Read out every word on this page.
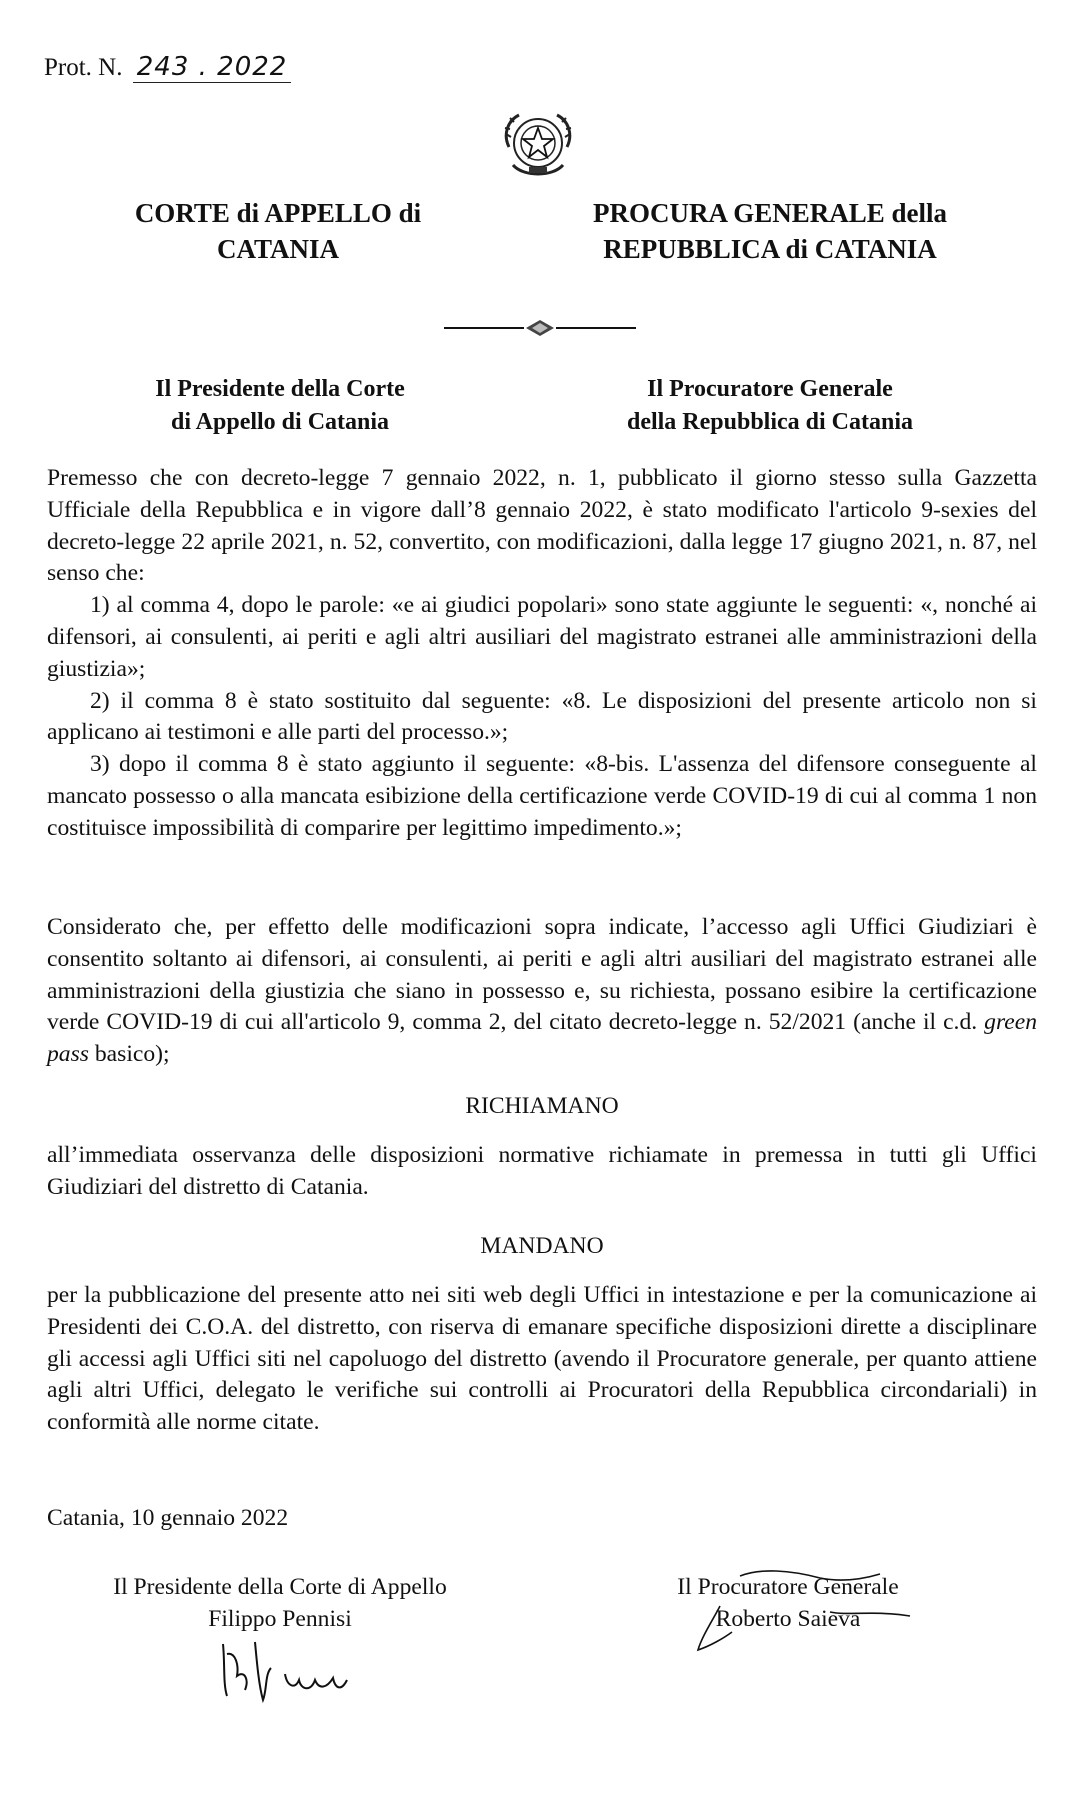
Prot. N. 243 . 2022
CORTE di APPELLO di
CATANIA
PROCURA GENERALE della
REPUBBLICA di CATANIA
Il Presidente della Corte
di Appello di Catania
Il Procuratore Generale
della Repubblica di Catania

Premesso che con decreto-legge 7 gennaio 2022, n. 1, pubblicato il giorno stesso sulla Gazzetta Ufficiale della Repubblica e in vigore dall’8 gennaio 2022, è stato modificato l'articolo 9-sexies del decreto-legge 22 aprile 2021, n. 52, convertito, con modificazioni, dalla legge 17 giugno 2021, n. 87, nel senso che:

1) al comma 4, dopo le parole: «e ai giudici popolari» sono state aggiunte le seguenti: «, nonché ai difensori, ai consulenti, ai periti e agli altri ausiliari del magistrato estranei alle amministrazioni della giustizia»;

2) il comma 8 è stato sostituito dal seguente: «8. Le disposizioni del presente articolo non si applicano ai testimoni e alle parti del processo.»;

3) dopo il comma 8 è stato aggiunto il seguente: «8-bis. L'assenza del difensore conseguente al mancato possesso o alla mancata esibizione della certificazione verde COVID-19 di cui al comma 1 non costituisce impossibilità di comparire per legittimo impedimento.»;

Considerato che, per effetto delle modificazioni sopra indicate, l’accesso agli Uffici Giudiziari è consentito soltanto ai difensori, ai consulenti, ai periti e agli altri ausiliari del magistrato estranei alle amministrazioni della giustizia che siano in possesso e, su richiesta, possano esibire la certificazione verde COVID-19 di cui all'articolo 9, comma 2, del citato decreto-legge n. 52/2021 (anche il c.d. green pass basico);

RICHIAMANO

all’immediata osservanza delle disposizioni normative richiamate in premessa in tutti gli Uffici Giudiziari del distretto di Catania.

MANDANO

per la pubblicazione del presente atto nei siti web degli Uffici in intestazione e per la comunicazione ai Presidenti dei C.O.A. del distretto, con riserva di emanare specifiche disposizioni dirette a disciplinare gli accessi agli Uffici siti nel capoluogo del distretto (avendo il Procuratore generale, per quanto attiene agli altri Uffici, delegato le verifiche sui controlli ai Procuratori della Repubblica circondariali) in conformità alle norme citate.

Catania, 10 gennaio 2022
Il Presidente della Corte di Appello
Filippo Pennisi
Il Procuratore Generale
Roberto Saieva
